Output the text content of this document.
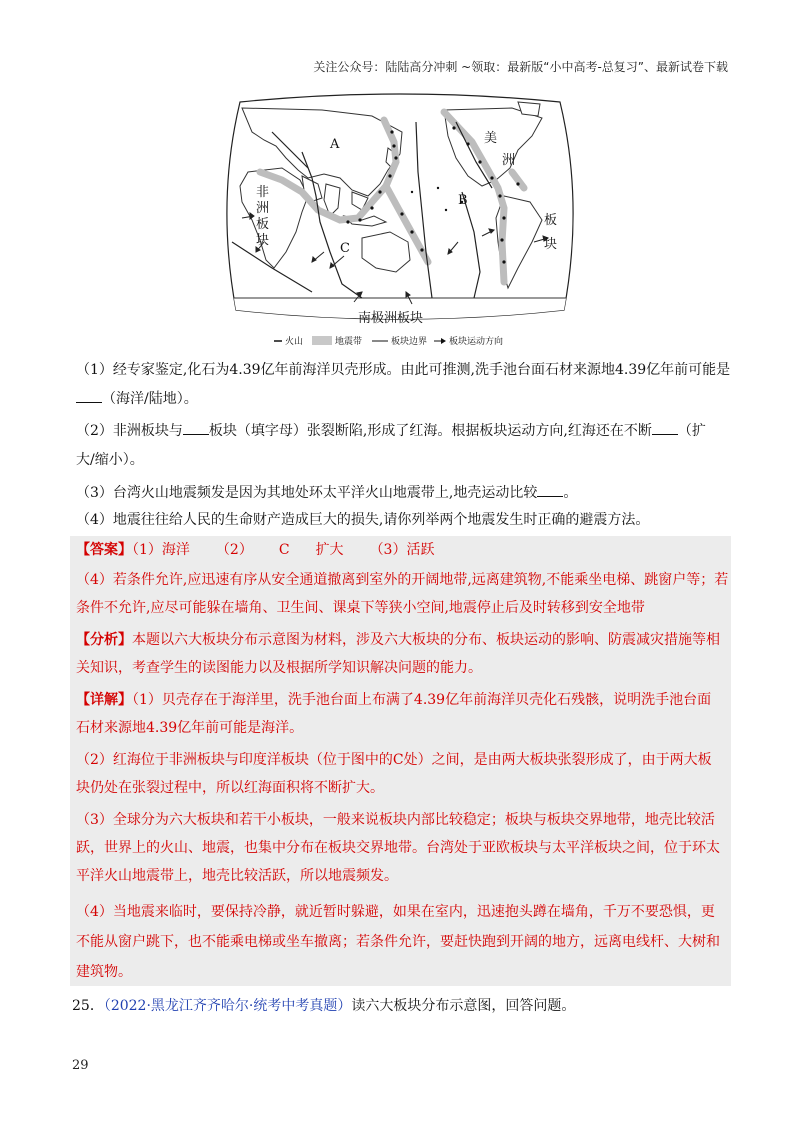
关注公众号：陆陆高分冲刺 ~领取：最新版“小中高考-总复习”、最新试卷下载
A
B
C
非
洲
板
块
美
洲
板
块
南极洲板块
火山	地震带	板块边界 板块运动方向
（1）经专家鉴定,化石为4.39亿年前海洋贝壳形成。由此可推测,洗手池台面石材来源地4.39亿年前可能是
（海洋/陆地）。
（2）非洲板块与 板块（填字母）张裂断陷,形成了红海。根据板块运动方向,红海还在不断 （扩
大/缩小）。
（3）台湾火山地震频发是因为其地处环太平洋火山地震带上,地壳运动比较 。
（4）地震往往给人民的生命财产造成巨大的损失,请你列举两个地震发生时正确的避震方法。
【答案】（1）海洋 （2） C 扩大 （3）活跃
（4）若条件允许,应迅速有序从安全通道撤离到室外的开阔地带,远离建筑物,不能乘坐电梯、跳窗户等；若
条件不允许,应尽可能躲在墙角、卫生间、课桌下等狭小空间,地震停止后及时转移到安全地带
【分析】本题以六大板块分布示意图为材料，涉及六大板块的分布、板块运动的影响、防震减灾措施等相
关知识，考查学生的读图能力以及根据所学知识解决问题的能力。
【详解】（1）贝壳存在于海洋里，洗手池台面上布满了4.39亿年前海洋贝壳化石残骸，说明洗手池台面
石材来源地4.39亿年前可能是海洋。
（2）红海位于非洲板块与印度洋板块（位于图中的C处）之间，是由两大板块张裂形成了，由于两大板
块仍处在张裂过程中，所以红海面积将不断扩大。
（3）全球分为六大板块和若干小板块，一般来说板块内部比较稳定；板块与板块交界地带，地壳比较活
跃，世界上的火山、地震，也集中分布在板块交界地带。台湾处于亚欧板块与太平洋板块之间，位于环太
平洋火山地震带上，地壳比较活跃，所以地震频发。
（4）当地震来临时，要保持冷静，就近暂时躲避，如果在室内，迅速抱头蹲在墙角，千万不要恐惧，更
不能从窗户跳下，也不能乘电梯或坐车撤离；若条件允许，要赶快跑到开阔的地方，远离电线杆、大树和
建筑物。
25．（2022·黑龙江齐齐哈尔·统考中考真题）读六大板块分布示意图，回答问题。
29
